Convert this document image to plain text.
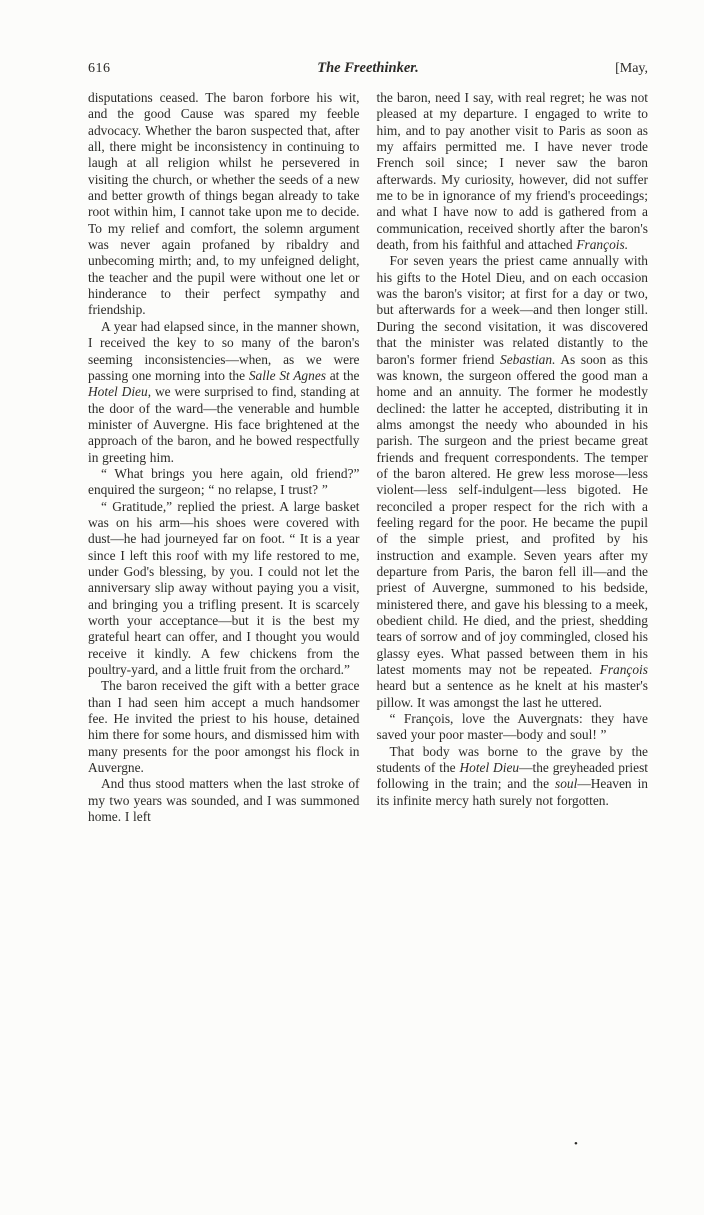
616	The Freethinker.	[May,

disputations ceased. The baron forbore his wit, and the good Cause was spared my feeble advocacy. Whether the baron suspected that, after all, there might be inconsistency in continuing to laugh at all religion whilst he persevered in visiting the church, or whether the seeds of a new and better growth of things began already to take root within him, I cannot take upon me to decide. To my relief and comfort, the solemn argument was never again profaned by ribaldry and unbecoming mirth; and, to my unfeigned delight, the teacher and the pupil were without one let or hinderance to their perfect sympathy and friendship.

A year had elapsed since, in the manner shown, I received the key to so many of the baron's seeming inconsistencies—when, as we were passing one morning into the Salle St Agnes at the Hotel Dieu, we were surprised to find, standing at the door of the ward—the venerable and humble minister of Auvergne. His face brightened at the approach of the baron, and he bowed respectfully in greeting him.

“ What brings you here again, old friend?” enquired the surgeon; “ no relapse, I trust? ”

“ Gratitude,” replied the priest. A large basket was on his arm—his shoes were covered with dust—he had journeyed far on foot. “ It is a year since I left this roof with my life restored to me, under God's blessing, by you. I could not let the anniversary slip away without paying you a visit, and bringing you a trifling present. It is scarcely worth your acceptance—but it is the best my grateful heart can offer, and I thought you would receive it kindly. A few chickens from the poultry-yard, and a little fruit from the orchard.”

The baron received the gift with a better grace than I had seen him accept a much handsomer fee. He invited the priest to his house, detained him there for some hours, and dismissed him with many presents for the poor amongst his flock in Auvergne.

And thus stood matters when the last stroke of my two years was sounded, and I was summoned home. I left

the baron, need I say, with real regret; he was not pleased at my departure. I engaged to write to him, and to pay another visit to Paris as soon as my affairs permitted me. I have never trode French soil since; I never saw the baron afterwards. My curiosity, however, did not suffer me to be in ignorance of my friend's proceedings; and what I have now to add is gathered from a communication, received shortly after the baron's death, from his faithful and attached François.

For seven years the priest came annually with his gifts to the Hotel Dieu, and on each occasion was the baron's visitor; at first for a day or two, but afterwards for a week—and then longer still. During the second visitation, it was discovered that the minister was related distantly to the baron's former friend Sebastian. As soon as this was known, the surgeon offered the good man a home and an annuity. The former he modestly declined: the latter he accepted, distributing it in alms amongst the needy who abounded in his parish. The surgeon and the priest became great friends and frequent correspondents. The temper of the baron altered. He grew less morose—less violent—less self-indulgent—less bigoted. He reconciled a proper respect for the rich with a feeling regard for the poor. He became the pupil of the simple priest, and profited by his instruction and example. Seven years after my departure from Paris, the baron fell ill—and the priest of Auvergne, summoned to his bedside, ministered there, and gave his blessing to a meek, obedient child. He died, and the priest, shedding tears of sorrow and of joy commingled, closed his glassy eyes. What passed between them in his latest moments may not be repeated. François heard but a sentence as he knelt at his master's pillow. It was amongst the last he uttered.

“ François, love the Auvergnats: they have saved your poor master—body and soul! ”

That body was borne to the grave by the students of the Hotel Dieu—the greyheaded priest following in the train; and the soul—Heaven in its infinite mercy hath surely not forgotten.

•
